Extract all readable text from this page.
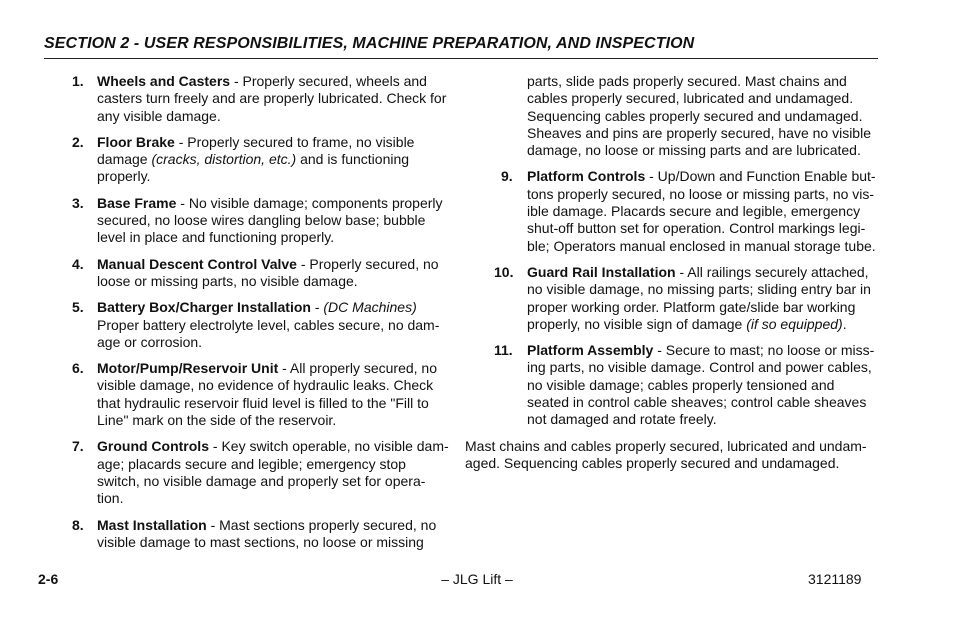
SECTION 2 - USER RESPONSIBILITIES, MACHINE PREPARATION, AND INSPECTION
1. Wheels and Casters - Properly secured, wheels and casters turn freely and are properly lubricated. Check for any visible damage.
2. Floor Brake - Properly secured to frame, no visible damage (cracks, distortion, etc.) and is functioning properly.
3. Base Frame - No visible damage; components properly secured, no loose wires dangling below base; bubble level in place and functioning properly.
4. Manual Descent Control Valve - Properly secured, no loose or missing parts, no visible damage.
5. Battery Box/Charger Installation - (DC Machines) Proper battery electrolyte level, cables secure, no dam-age or corrosion.
6. Motor/Pump/Reservoir Unit - All properly secured, no visible damage, no evidence of hydraulic leaks. Check that hydraulic reservoir fluid level is filled to the "Fill to Line" mark on the side of the reservoir.
7. Ground Controls - Key switch operable, no visible dam-age; placards secure and legible; emergency stop switch, no visible damage and properly set for opera-tion.
8. Mast Installation - Mast sections properly secured, no visible damage to mast sections, no loose or missing
parts, slide pads properly secured. Mast chains and cables properly secured, lubricated and undamaged. Sequencing cables properly secured and undamaged. Sheaves and pins are properly secured, have no visible damage, no loose or missing parts and are lubricated.
9. Platform Controls - Up/Down and Function Enable but-tons properly secured, no loose or missing parts, no vis-ible damage. Placards secure and legible, emergency shut-off button set for operation. Control markings legi-ble; Operators manual enclosed in manual storage tube.
10. Guard Rail Installation - All railings securely attached, no visible damage, no missing parts; sliding entry bar in proper working order. Platform gate/slide bar working properly, no visible sign of damage (if so equipped).
11. Platform Assembly - Secure to mast; no loose or miss-ing parts, no visible damage. Control and power cables, no visible damage; cables properly tensioned and seated in control cable sheaves; control cable sheaves not damaged and rotate freely.

Mast chains and cables properly secured, lubricated and undam-aged. Sequencing cables properly secured and undamaged.

2-6	– JLG Lift –	3121189
